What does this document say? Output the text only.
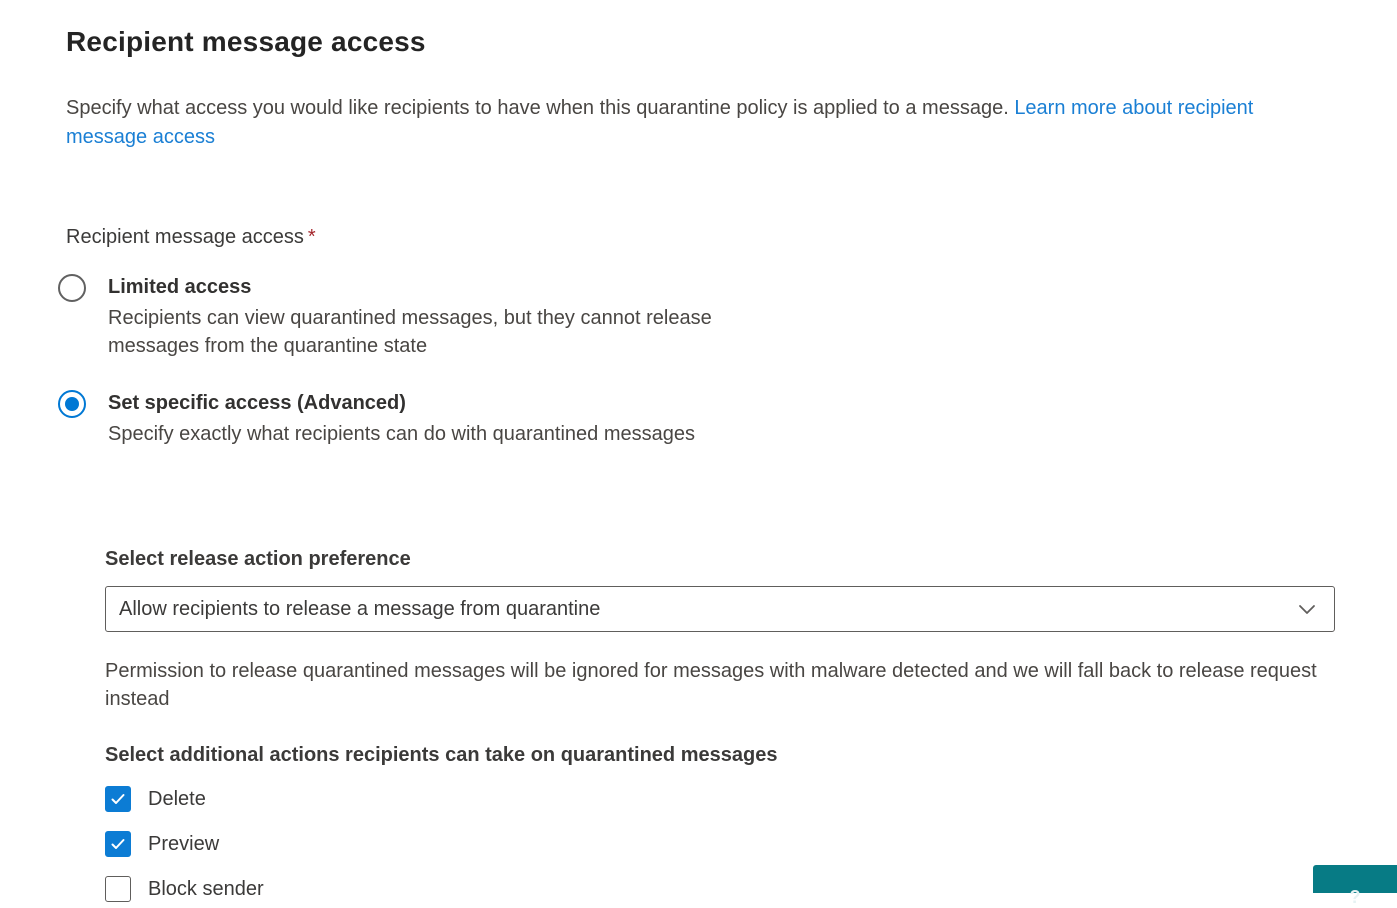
Recipient message access

Specify what access you would like recipients to have when this quarantine policy is applied to a message. Learn more about recipient message access

Recipient message access *
Limited access
Recipients can view quarantined messages, but they cannot release messages from the quarantine state
Set specific access (Advanced)
Specify exactly what recipients can do with quarantined messages
Select release action preference
Allow recipients to release a message from quarantine

Permission to release quarantined messages will be ignored for messages with malware detected and we will fall back to release request instead

Select additional actions recipients can take on quarantined messages
Delete
Preview
Block sender	?
